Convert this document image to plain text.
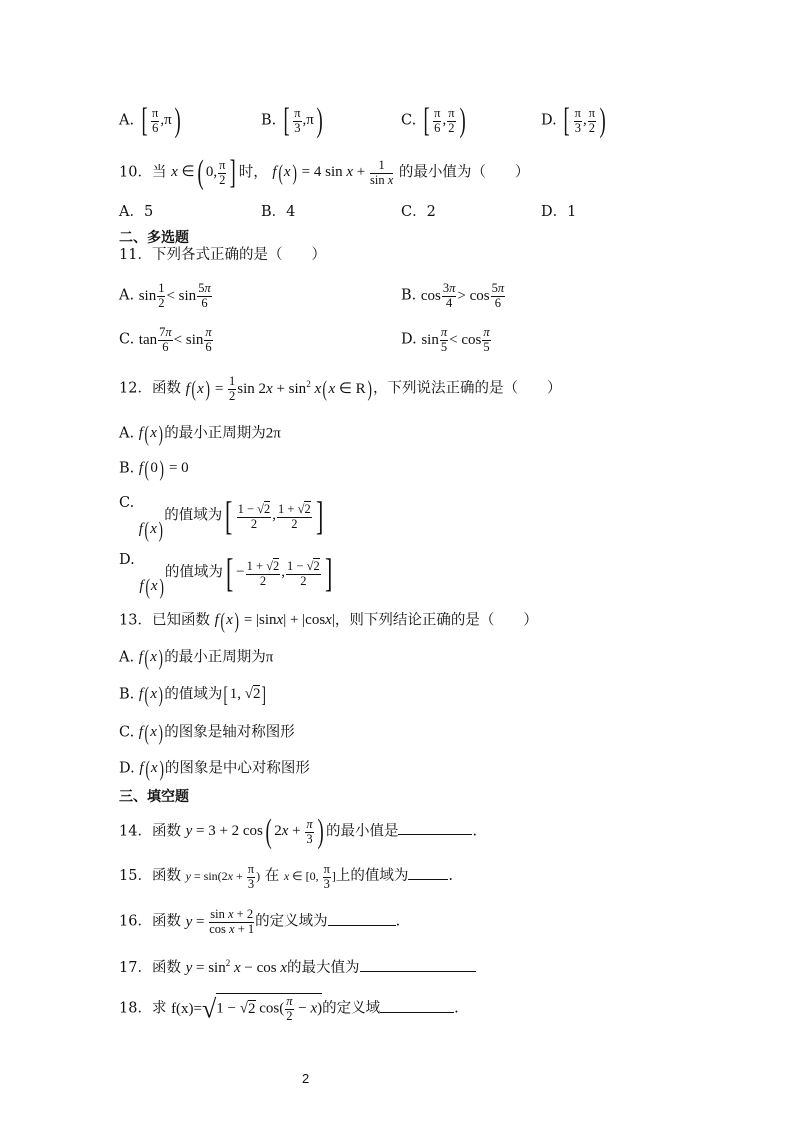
A. [ $\frac{\pi}{6} ,\pi$)	B. [ $\frac{\pi}{3} ,\pi$)	C. [ $\frac{\pi}{6}$ , $\frac{\pi}{2}$ )	D. [ $\frac{\pi}{3}$ , $\frac{\pi}{2}$ )
10．当 x ∈( 0, $\frac{\pi}{2}$ ] 时， f(x) = 4 $\sin x + \frac{1}{\text{sin x}}$ 的最小值为（　　）
A．5	B．4	C．2	D．1
二、多选题
11．下列各式正确的是（　　）
A. $\sin \frac{1}{2} < \sin \frac{5\pi}{6}$	B. $\cos \frac{3\pi}{4} > \cos \frac{5\pi}{6}$
C. $\tan \frac{7\pi}{6} < \sin \frac{\pi}{6}$	D. $\sin \frac{\pi}{5} < \cos \frac{\pi}{5}$
12．函数 $f(x) = \frac{1}{2}$ $\sin 2x + \sin^2 x(x$ ∈ R)，下列说法正确的是（　　）
A. f(x)的最小正周期为2π
B. f(0) = 0
C. f(x)的值域为[ $\frac{1 - √2}{2}$ , $\frac{1 + √2}{2}$ ]
D. f(x)的值域为[ − $\frac{1 + √2}{2}$ , $\frac{1 - √2}{2}$ ]
13．已知函数 f(x) = |sinx| + |cosx|，则下列结论正确的是（　　）
A. f(x)的最小正周期为π
B. f(x)的值域为[1, √2]
C. f(x)的图象是轴对称图形
D. f(x)的图象是中心对称图形
三、填空题
14．函数 y = 3 + 2 cos( $2x + \frac{\pi}{3}$ ) 的最小值是	.
15．函数 $y = \sin(2x + \frac{\pi}{3}$ ) 在 x ∈ [0, $\frac{\pi}{3}$ ]上的值域为	.
16．函数 $y = \frac{\text{sin x + 2}}{\text{cos x + 1}}$ 的定义域为	.
17．函数 $y = \sin^2 x - \cos x$的最大值为
18．求 f(x)=√1 − √2 $\cos( \frac{\pi}{2} - x)$的定义域	.
2
